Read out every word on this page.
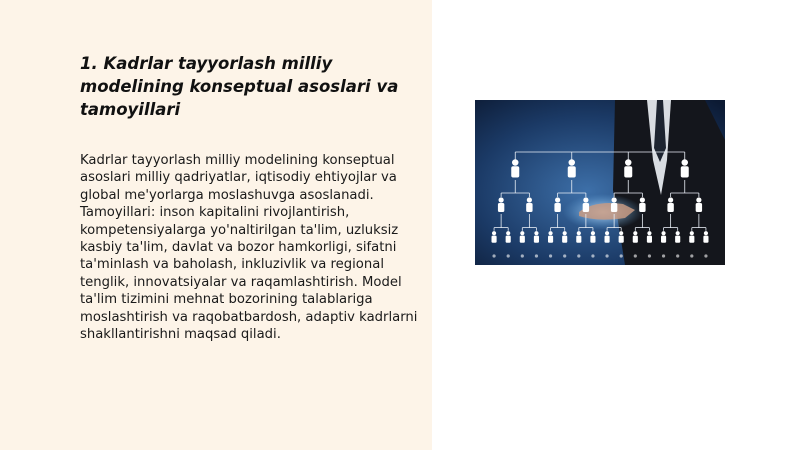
1. Kadrlar tayyorlash milliy modelining konseptual asoslari va tamoyillari

Kadrlar tayyorlash milliy modelining konseptual asoslari milliy qadriyatlar, iqtisodiy ehtiyojlar va global me'yorlarga moslashuvga asoslanadi. Tamoyillari: inson kapitalini rivojlantirish, kompetensiyalarga yo'naltirilgan ta'lim, uzluksiz kasbiy ta'lim, davlat va bozor hamkorligi, sifatni ta'minlash va baholash, inkluzivlik va regional tenglik, innovatsiyalar va raqamlashtirish. Model ta'lim tizimini mehnat bozorining talablariga moslashtirish va raqobatbardosh, adaptiv kadrlarni shakllantirishni maqsad qiladi.
